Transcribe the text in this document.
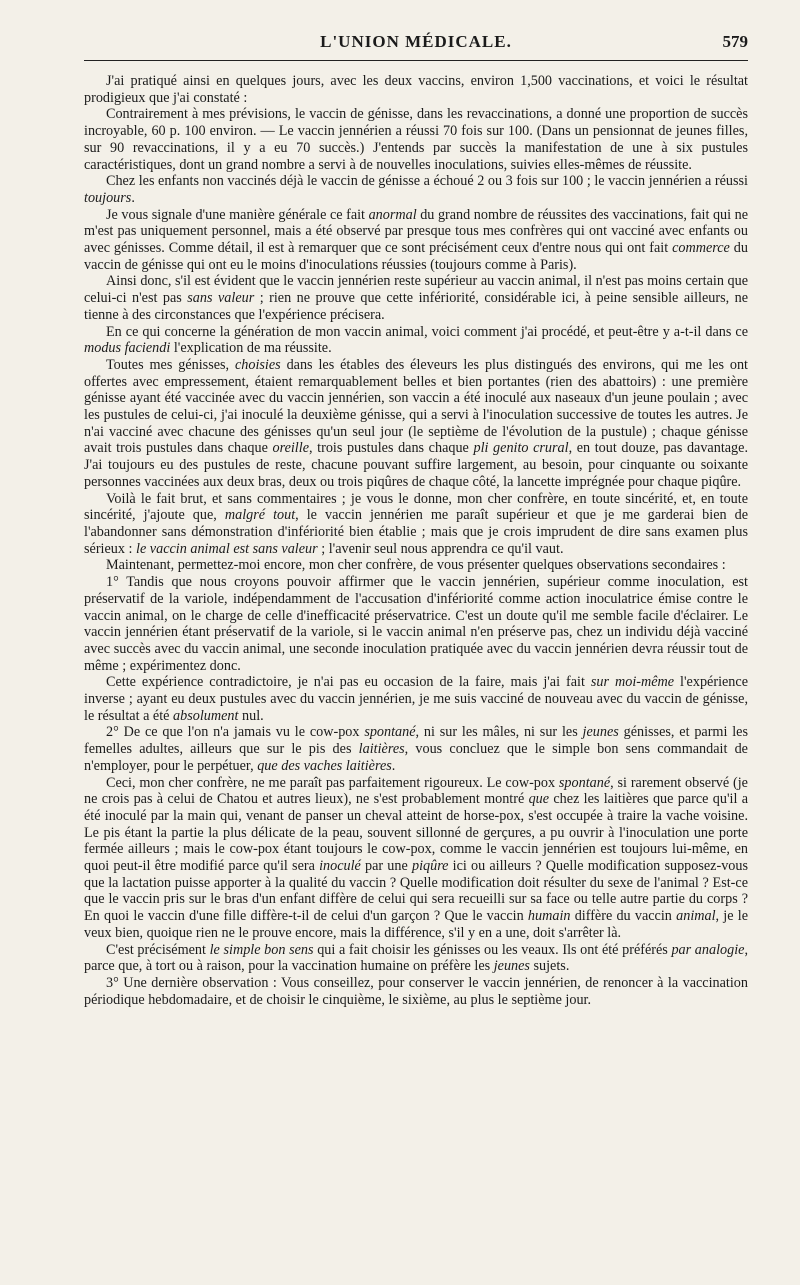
L'UNION MÉDICALE.	579

J'ai pratiqué ainsi en quelques jours, avec les deux vaccins, environ 1,500 vaccinations, et voici le résultat prodigieux que j'ai constaté :

Contrairement à mes prévisions, le vaccin de génisse, dans les revaccinations, a donné une proportion de succès incroyable, 60 p. 100 environ. — Le vaccin jennérien a réussi 70 fois sur 100. (Dans un pensionnat de jeunes filles, sur 90 revaccinations, il y a eu 70 succès.) J'entends par succès la manifestation de une à six pustules caractéristiques, dont un grand nombre a servi à de nouvelles inoculations, suivies elles-mêmes de réussite.

Chez les enfants non vaccinés déjà le vaccin de génisse a échoué 2 ou 3 fois sur 100 ; le vaccin jennérien a réussi toujours.

Je vous signale d'une manière générale ce fait anormal du grand nombre de réussites des vaccinations, fait qui ne m'est pas uniquement personnel, mais a été observé par presque tous mes confrères qui ont vacciné avec enfants ou avec génisses. Comme détail, il est à remarquer que ce sont précisément ceux d'entre nous qui ont fait commerce du vaccin de génisse qui ont eu le moins d'inoculations réussies (toujours comme à Paris).

Ainsi donc, s'il est évident que le vaccin jennérien reste supérieur au vaccin animal, il n'est pas moins certain que celui-ci n'est pas sans valeur ; rien ne prouve que cette infériorité, considérable ici, à peine sensible ailleurs, ne tienne à des circonstances que l'expérience précisera.

En ce qui concerne la génération de mon vaccin animal, voici comment j'ai procédé, et peut-être y a-t-il dans ce modus faciendi l'explication de ma réussite.

Toutes mes génisses, choisies dans les étables des éleveurs les plus distingués des environs, qui me les ont offertes avec empressement, étaient remarquablement belles et bien portantes (rien des abattoirs) : une première génisse ayant été vaccinée avec du vaccin jennérien, son vaccin a été inoculé aux naseaux d'un jeune poulain ; avec les pustules de celui-ci, j'ai inoculé la deuxième génisse, qui a servi à l'inoculation successive de toutes les autres. Je n'ai vacciné avec chacune des génisses qu'un seul jour (le septième de l'évolution de la pustule) ; chaque génisse avait trois pustules dans chaque oreille, trois pustules dans chaque pli genito crural, en tout douze, pas davantage. J'ai toujours eu des pustules de reste, chacune pouvant suffire largement, au besoin, pour cinquante ou soixante personnes vaccinées aux deux bras, deux ou trois piqûres de chaque côté, la lancette imprégnée pour chaque piqûre.

Voilà le fait brut, et sans commentaires ; je vous le donne, mon cher confrère, en toute sincérité, et, en toute sincérité, j'ajoute que, malgré tout, le vaccin jennérien me paraît supérieur et que je me garderai bien de l'abandonner sans démonstration d'infériorité bien établie ; mais que je crois imprudent de dire sans examen plus sérieux : le vaccin animal est sans valeur ; l'avenir seul nous apprendra ce qu'il vaut.

Maintenant, permettez-moi encore, mon cher confrère, de vous présenter quelques observations secondaires :

1° Tandis que nous croyons pouvoir affirmer que le vaccin jennérien, supérieur comme inoculation, est préservatif de la variole, indépendamment de l'accusation d'infériorité comme action inoculatrice émise contre le vaccin animal, on le charge de celle d'inefficacité préservatrice. C'est un doute qu'il me semble facile d'éclairer. Le vaccin jennérien étant préservatif de la variole, si le vaccin animal n'en préserve pas, chez un individu déjà vacciné avec succès avec du vaccin animal, une seconde inoculation pratiquée avec du vaccin jennérien devra réussir tout de même ; expérimentez donc.

Cette expérience contradictoire, je n'ai pas eu occasion de la faire, mais j'ai fait sur moi-même l'expérience inverse ; ayant eu deux pustules avec du vaccin jennérien, je me suis vacciné de nouveau avec du vaccin de génisse, le résultat a été absolument nul.

2° De ce que l'on n'a jamais vu le cow-pox spontané, ni sur les mâles, ni sur les jeunes génisses, et parmi les femelles adultes, ailleurs que sur le pis des laitières, vous concluez que le simple bon sens commandait de n'employer, pour le perpétuer, que des vaches laitières.

Ceci, mon cher confrère, ne me paraît pas parfaitement rigoureux. Le cow-pox spontané, si rarement observé (je ne crois pas à celui de Chatou et autres lieux), ne s'est probablement montré que chez les laitières que parce qu'il a été inoculé par la main qui, venant de panser un cheval atteint de horse-pox, s'est occupée à traire la vache voisine. Le pis étant la partie la plus délicate de la peau, souvent sillonné de gerçures, a pu ouvrir à l'inoculation une porte fermée ailleurs ; mais le cow-pox étant toujours le cow-pox, comme le vaccin jennérien est toujours lui-même, en quoi peut-il être modifié parce qu'il sera inoculé par une piqûre ici ou ailleurs ? Quelle modification supposez-vous que la lactation puisse apporter à la qualité du vaccin ? Quelle modification doit résulter du sexe de l'animal ? Est-ce que le vaccin pris sur le bras d'un enfant diffère de celui qui sera recueilli sur sa face ou telle autre partie du corps ? En quoi le vaccin d'une fille diffère-t-il de celui d'un garçon ? Que le vaccin humain diffère du vaccin animal, je le veux bien, quoique rien ne le prouve encore, mais la différence, s'il y en a une, doit s'arrêter là.

C'est précisément le simple bon sens qui a fait choisir les génisses ou les veaux. Ils ont été préférés par analogie, parce que, à tort ou à raison, pour la vaccination humaine on préfère les jeunes sujets.

3° Une dernière observation : Vous conseillez, pour conserver le vaccin jennérien, de renoncer à la vaccination périodique hebdomadaire, et de choisir le cinquième, le sixième, au plus le septième jour.
